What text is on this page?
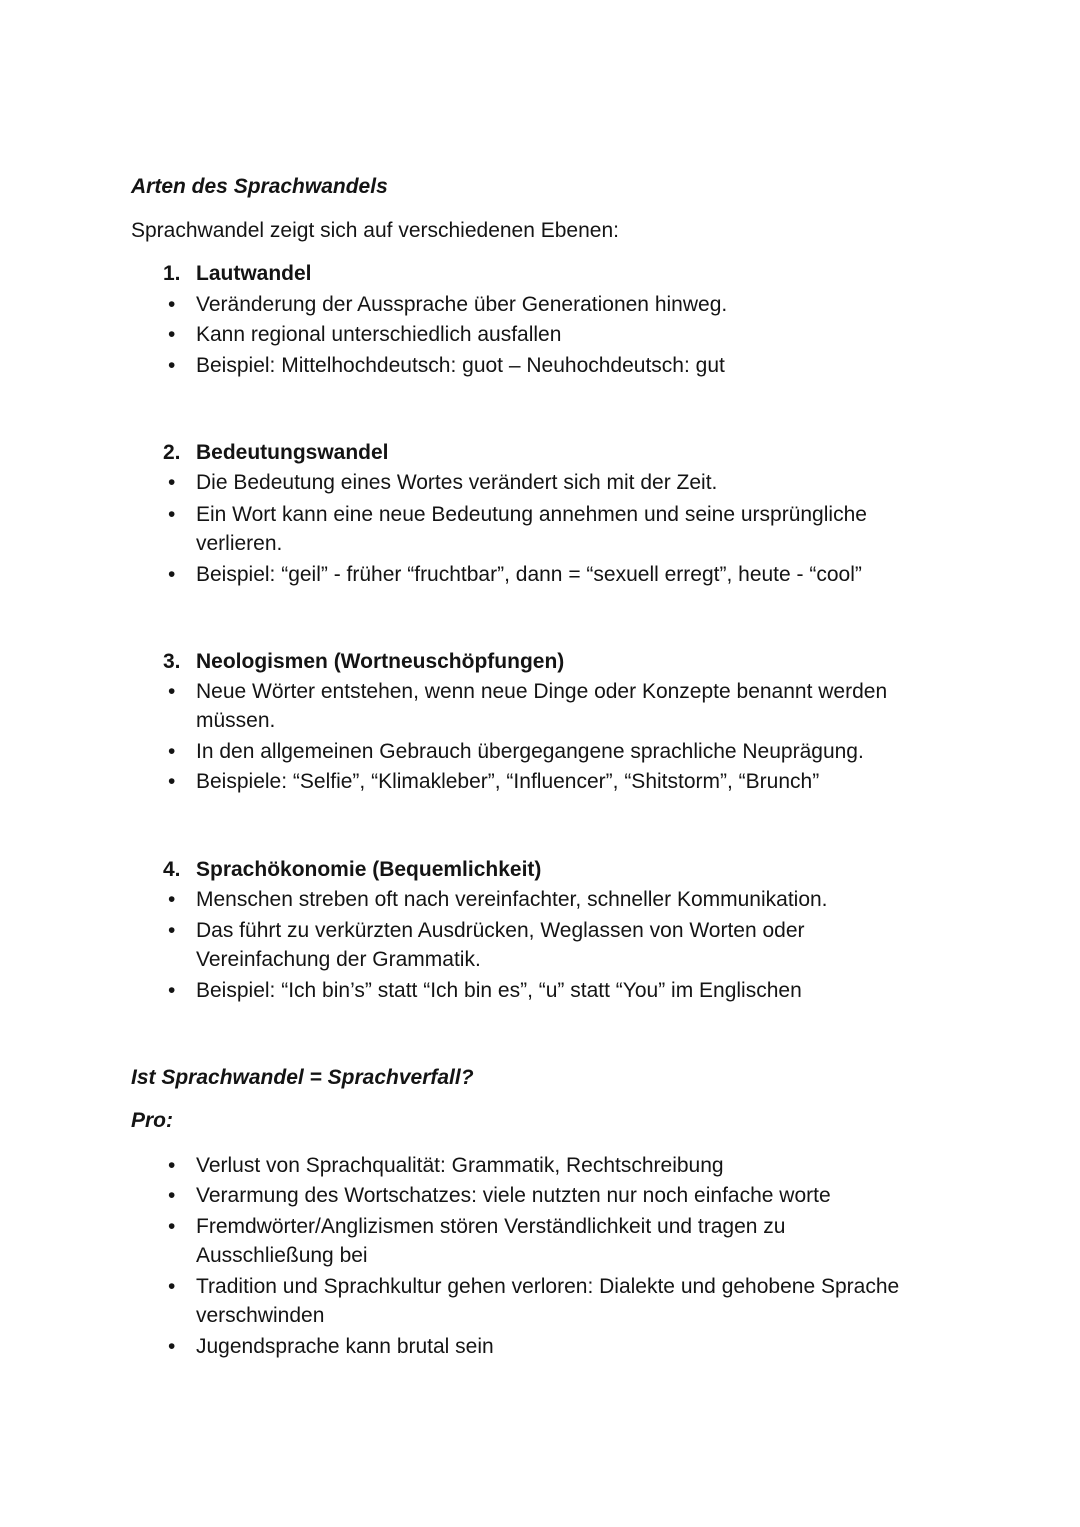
Arten des Sprachwandels
Sprachwandel zeigt sich auf verschiedenen Ebenen:
1. Lautwandel
• Veränderung der Aussprache über Generationen hinweg.
• Kann regional unterschiedlich ausfallen
• Beispiel: Mittelhochdeutsch: guot – Neuhochdeutsch: gut
2. Bedeutungswandel
• Die Bedeutung eines Wortes verändert sich mit der Zeit.
• Ein Wort kann eine neue Bedeutung annehmen und seine ursprüngliche
verlieren.
• Beispiel: “geil” - früher “fruchtbar”, dann = “sexuell erregt”, heute - “cool”
3. Neologismen (Wortneuschöpfungen)
• Neue Wörter entstehen, wenn neue Dinge oder Konzepte benannt werden
müssen.
• In den allgemeinen Gebrauch übergegangene sprachliche Neuprägung.
• Beispiele: “Selfie”, “Klimakleber”, “Influencer”, “Shitstorm”, “Brunch”
4. Sprachökonomie (Bequemlichkeit)
• Menschen streben oft nach vereinfachter, schneller Kommunikation.
• Das führt zu verkürzten Ausdrücken, Weglassen von Worten oder
Vereinfachung der Grammatik.
• Beispiel: “Ich bin’s” statt “Ich bin es”, “u” statt “You” im Englischen
Ist Sprachwandel = Sprachverfall?
Pro:
• Verlust von Sprachqualität: Grammatik, Rechtschreibung
• Verarmung des Wortschatzes: viele nutzten nur noch einfache worte
• Fremdwörter/Anglizismen stören Verständlichkeit und tragen zu
Ausschließung bei
• Tradition und Sprachkultur gehen verloren: Dialekte und gehobene Sprache
verschwinden
• Jugendsprache kann brutal sein
